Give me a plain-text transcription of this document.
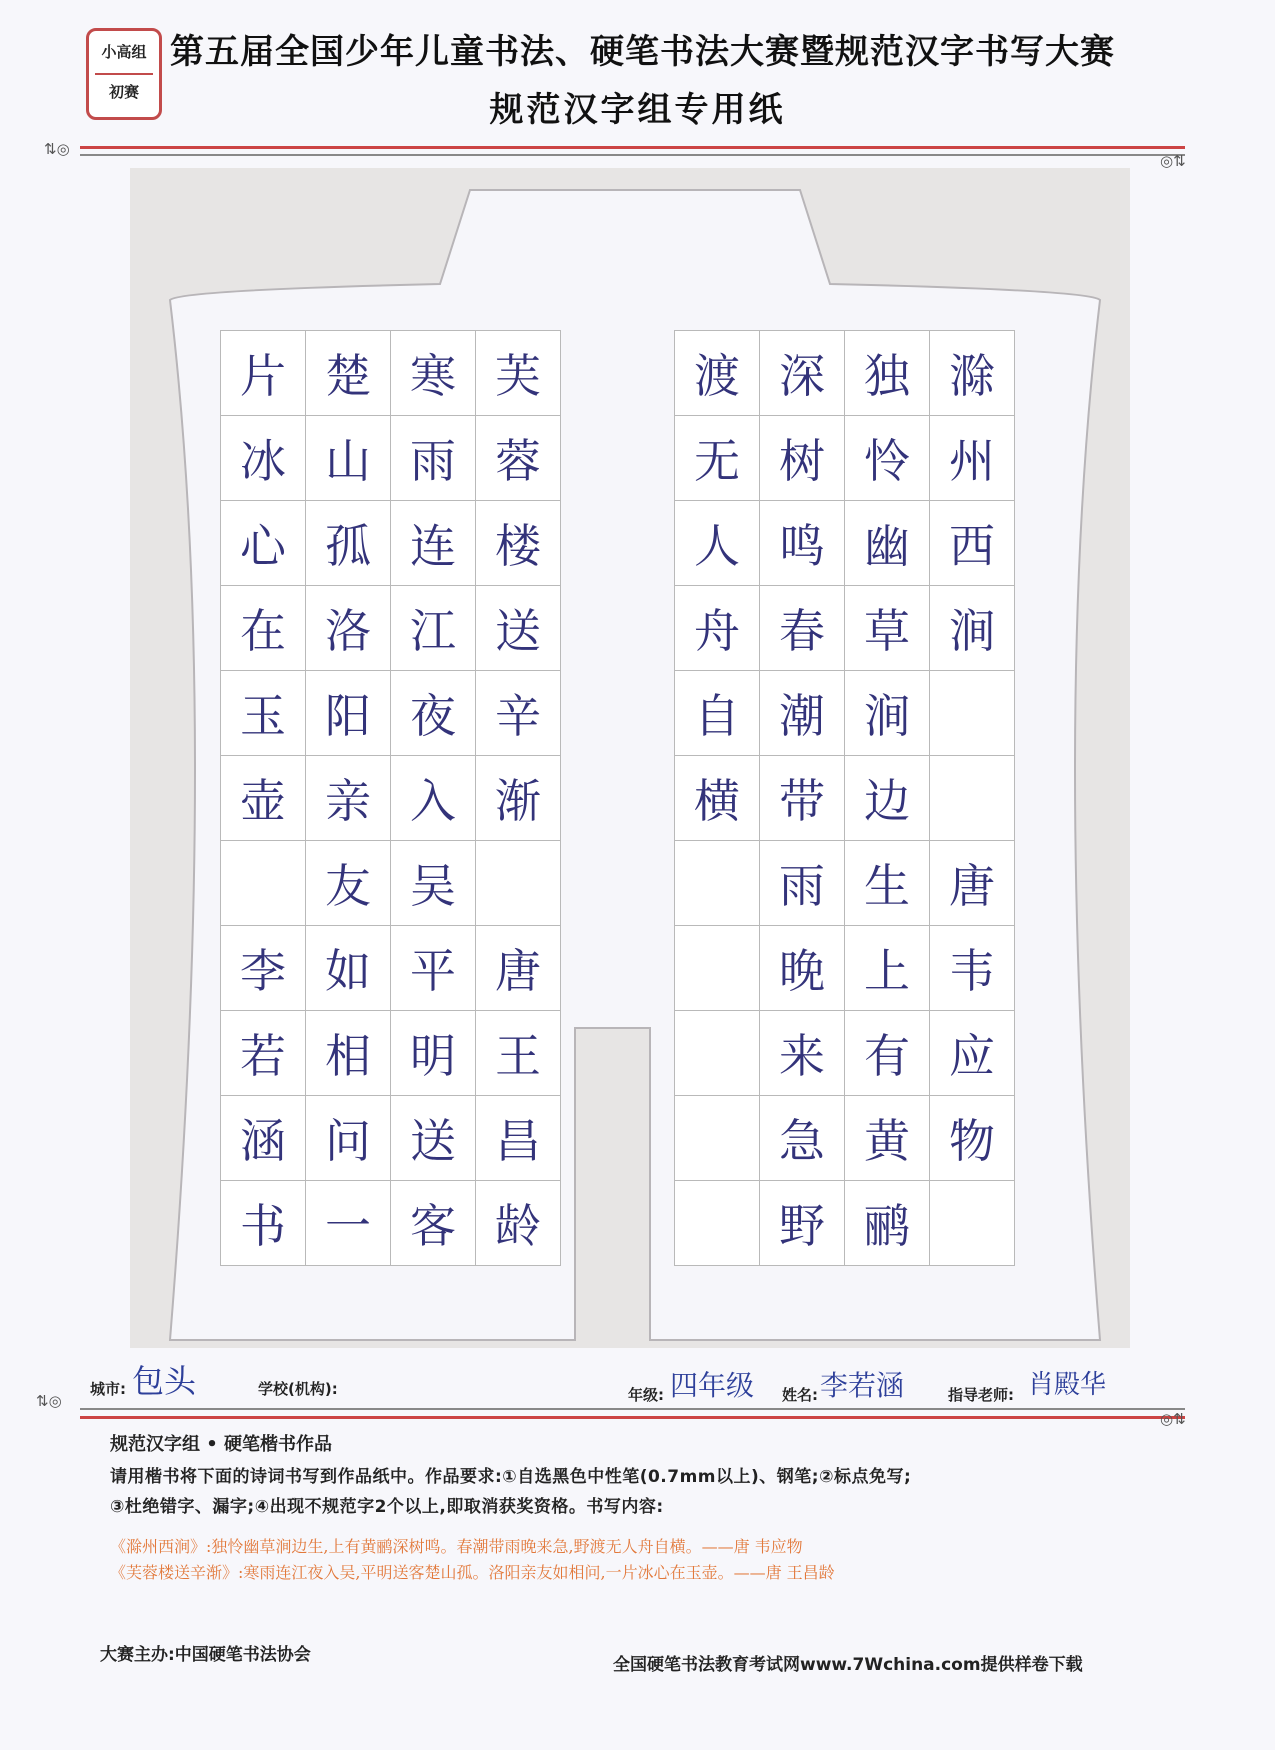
小高组
初赛
第五届全国少年儿童书法、硬笔书法大赛暨规范汉字书写大赛
规范汉字组专用纸
⇅◎
◎⇅
片	楚	寒	芙
冰	山	雨	蓉
心	孤	连	楼
在	洛	江	送
玉	阳	夜	辛
壶	亲	入	渐
	友	吴	
李	如	平	唐
若	相	明	王
涵	问	送	昌
书	一	客	龄
渡	深	独	滁
无	树	怜	州
人	鸣	幽	西
舟	春	草	涧
自	潮	涧	
横	带	边	
	雨	生	唐
	晚	上	韦
	来	有	应
	急	黄	物
	野	鹂	
城市: 包头	学校(机构):	年级: 四年级 姓名: 李若涵	指导老师: 肖殿华
⇅◎
◎⇅
规范汉字组 • 硬笔楷书作品
请用楷书将下面的诗词书写到作品纸中。作品要求:①自选黑色中性笔(0.7mm以上)、钢笔;②标点免写;
③杜绝错字、漏字;④出现不规范字2个以上,即取消获奖资格。书写内容:
《滁州西涧》:独怜幽草涧边生,上有黄鹂深树鸣。春潮带雨晚来急,野渡无人舟自横。——唐 韦应物
《芙蓉楼送辛渐》:寒雨连江夜入吴,平明送客楚山孤。洛阳亲友如相问,一片冰心在玉壶。——唐 王昌龄
大赛主办:中国硬笔书法协会	全国硬笔书法教育考试网www.7Wchina.com提供样卷下载
